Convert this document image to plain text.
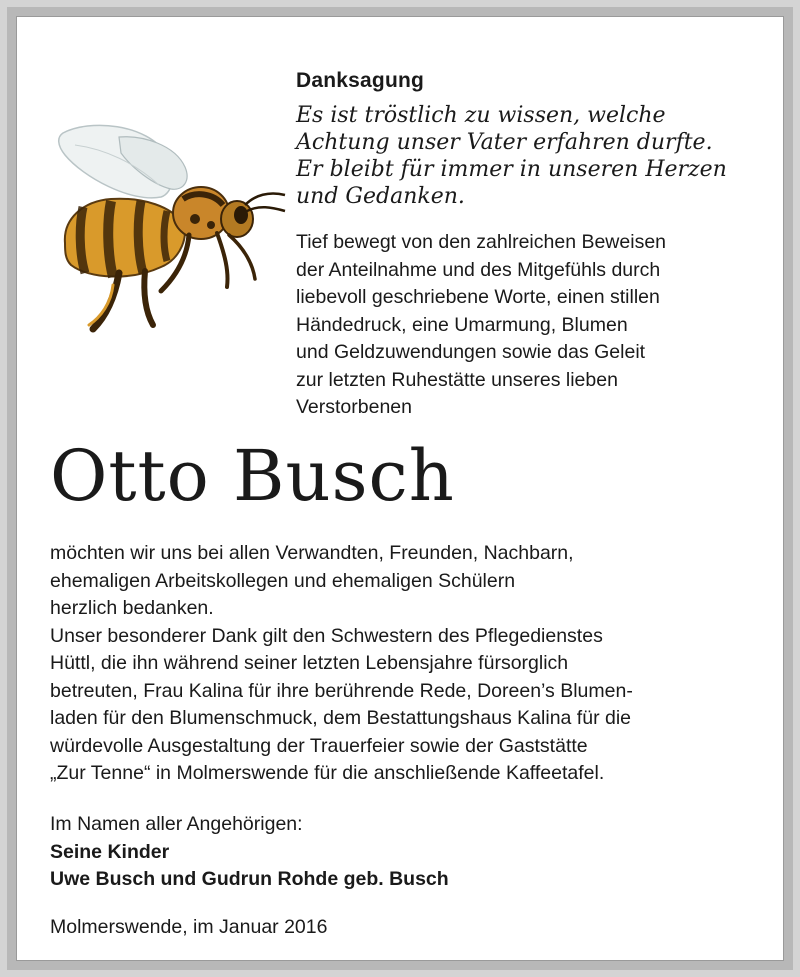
Danksagung
Es ist tröstlich zu wissen, welche
Achtung unser Vater erfahren durfte.
Er bleibt für immer in unseren Herzen
und Gedanken.
Tief bewegt von den zahlreichen Beweisen
der Anteilnahme und des Mitgefühls durch
liebevoll geschriebene Worte, einen stillen
Händedruck, eine Umarmung, Blumen
und Geldzuwendungen sowie das Geleit
zur letzten Ruhestätte unseres lieben
Verstorbenen
Otto Busch
möchten wir uns bei allen Verwandten, Freunden, Nachbarn,
ehemaligen Arbeitskollegen und ehemaligen Schülern
herzlich bedanken.
Unser besonderer Dank gilt den Schwestern des Pflegedienstes
Hüttl, die ihn während seiner letzten Lebensjahre fürsorglich
betreuten, Frau Kalina für ihre berührende Rede, Doreen’s Blumen-
laden für den Blumenschmuck, dem Bestattungshaus Kalina für die
würdevolle Ausgestaltung der Trauerfeier sowie der Gaststätte
„Zur Tenne“ in Molmerswende für die anschließende Kaffeetafel.
Im Namen aller Angehörigen:
Seine Kinder
Uwe Busch und Gudrun Rohde geb. Busch
Molmerswende, im Januar 2016
